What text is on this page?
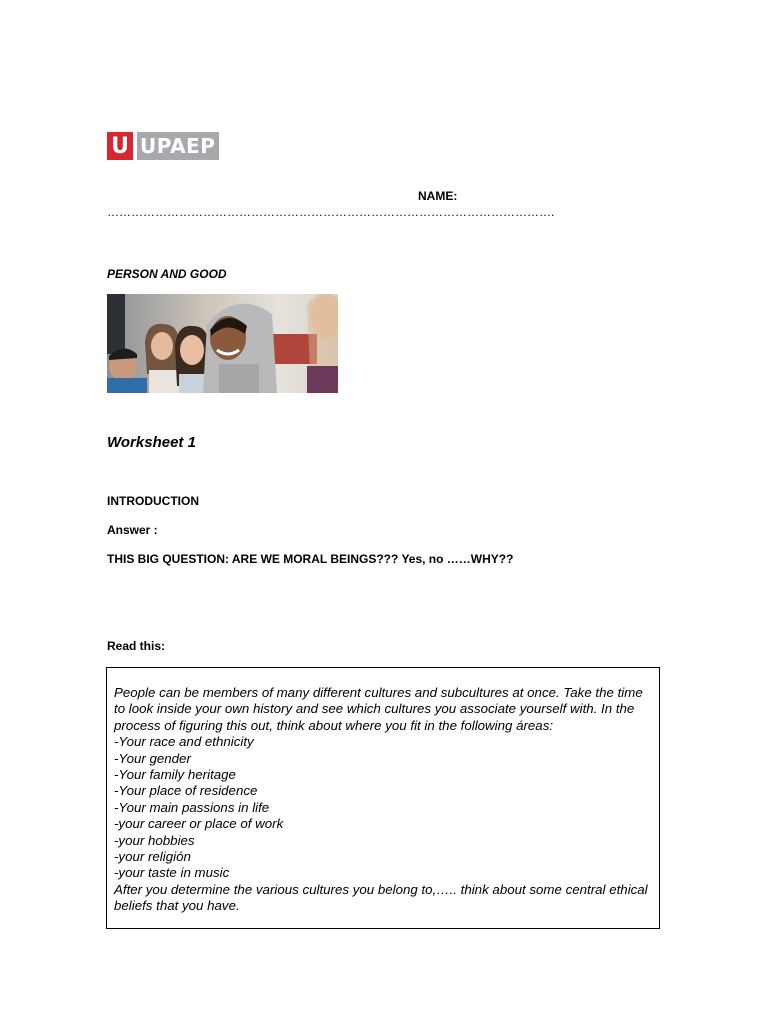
U UPAEP
NAME:
………………………………………………………………………………………………….
PERSON AND GOOD
Worksheet 1
INTRODUCTION
Answer :
THIS BIG QUESTION: ARE WE MORAL BEINGS??? Yes, no ……WHY??
Read this:

People can be members of many different cultures and subcultures at once. Take the time to look inside your own history and see which cultures you associate yourself with. In the process of figuring this out, think about where you fit in the following áreas:

-Your race and ethnicity

-Your gender

-Your family heritage

-Your place of residence

-Your main passions in life

-your career or place of work

-your hobbies

-your religión

-your taste in music

After you determine the various cultures you belong to,….. think about some central ethical beliefs that you have.
